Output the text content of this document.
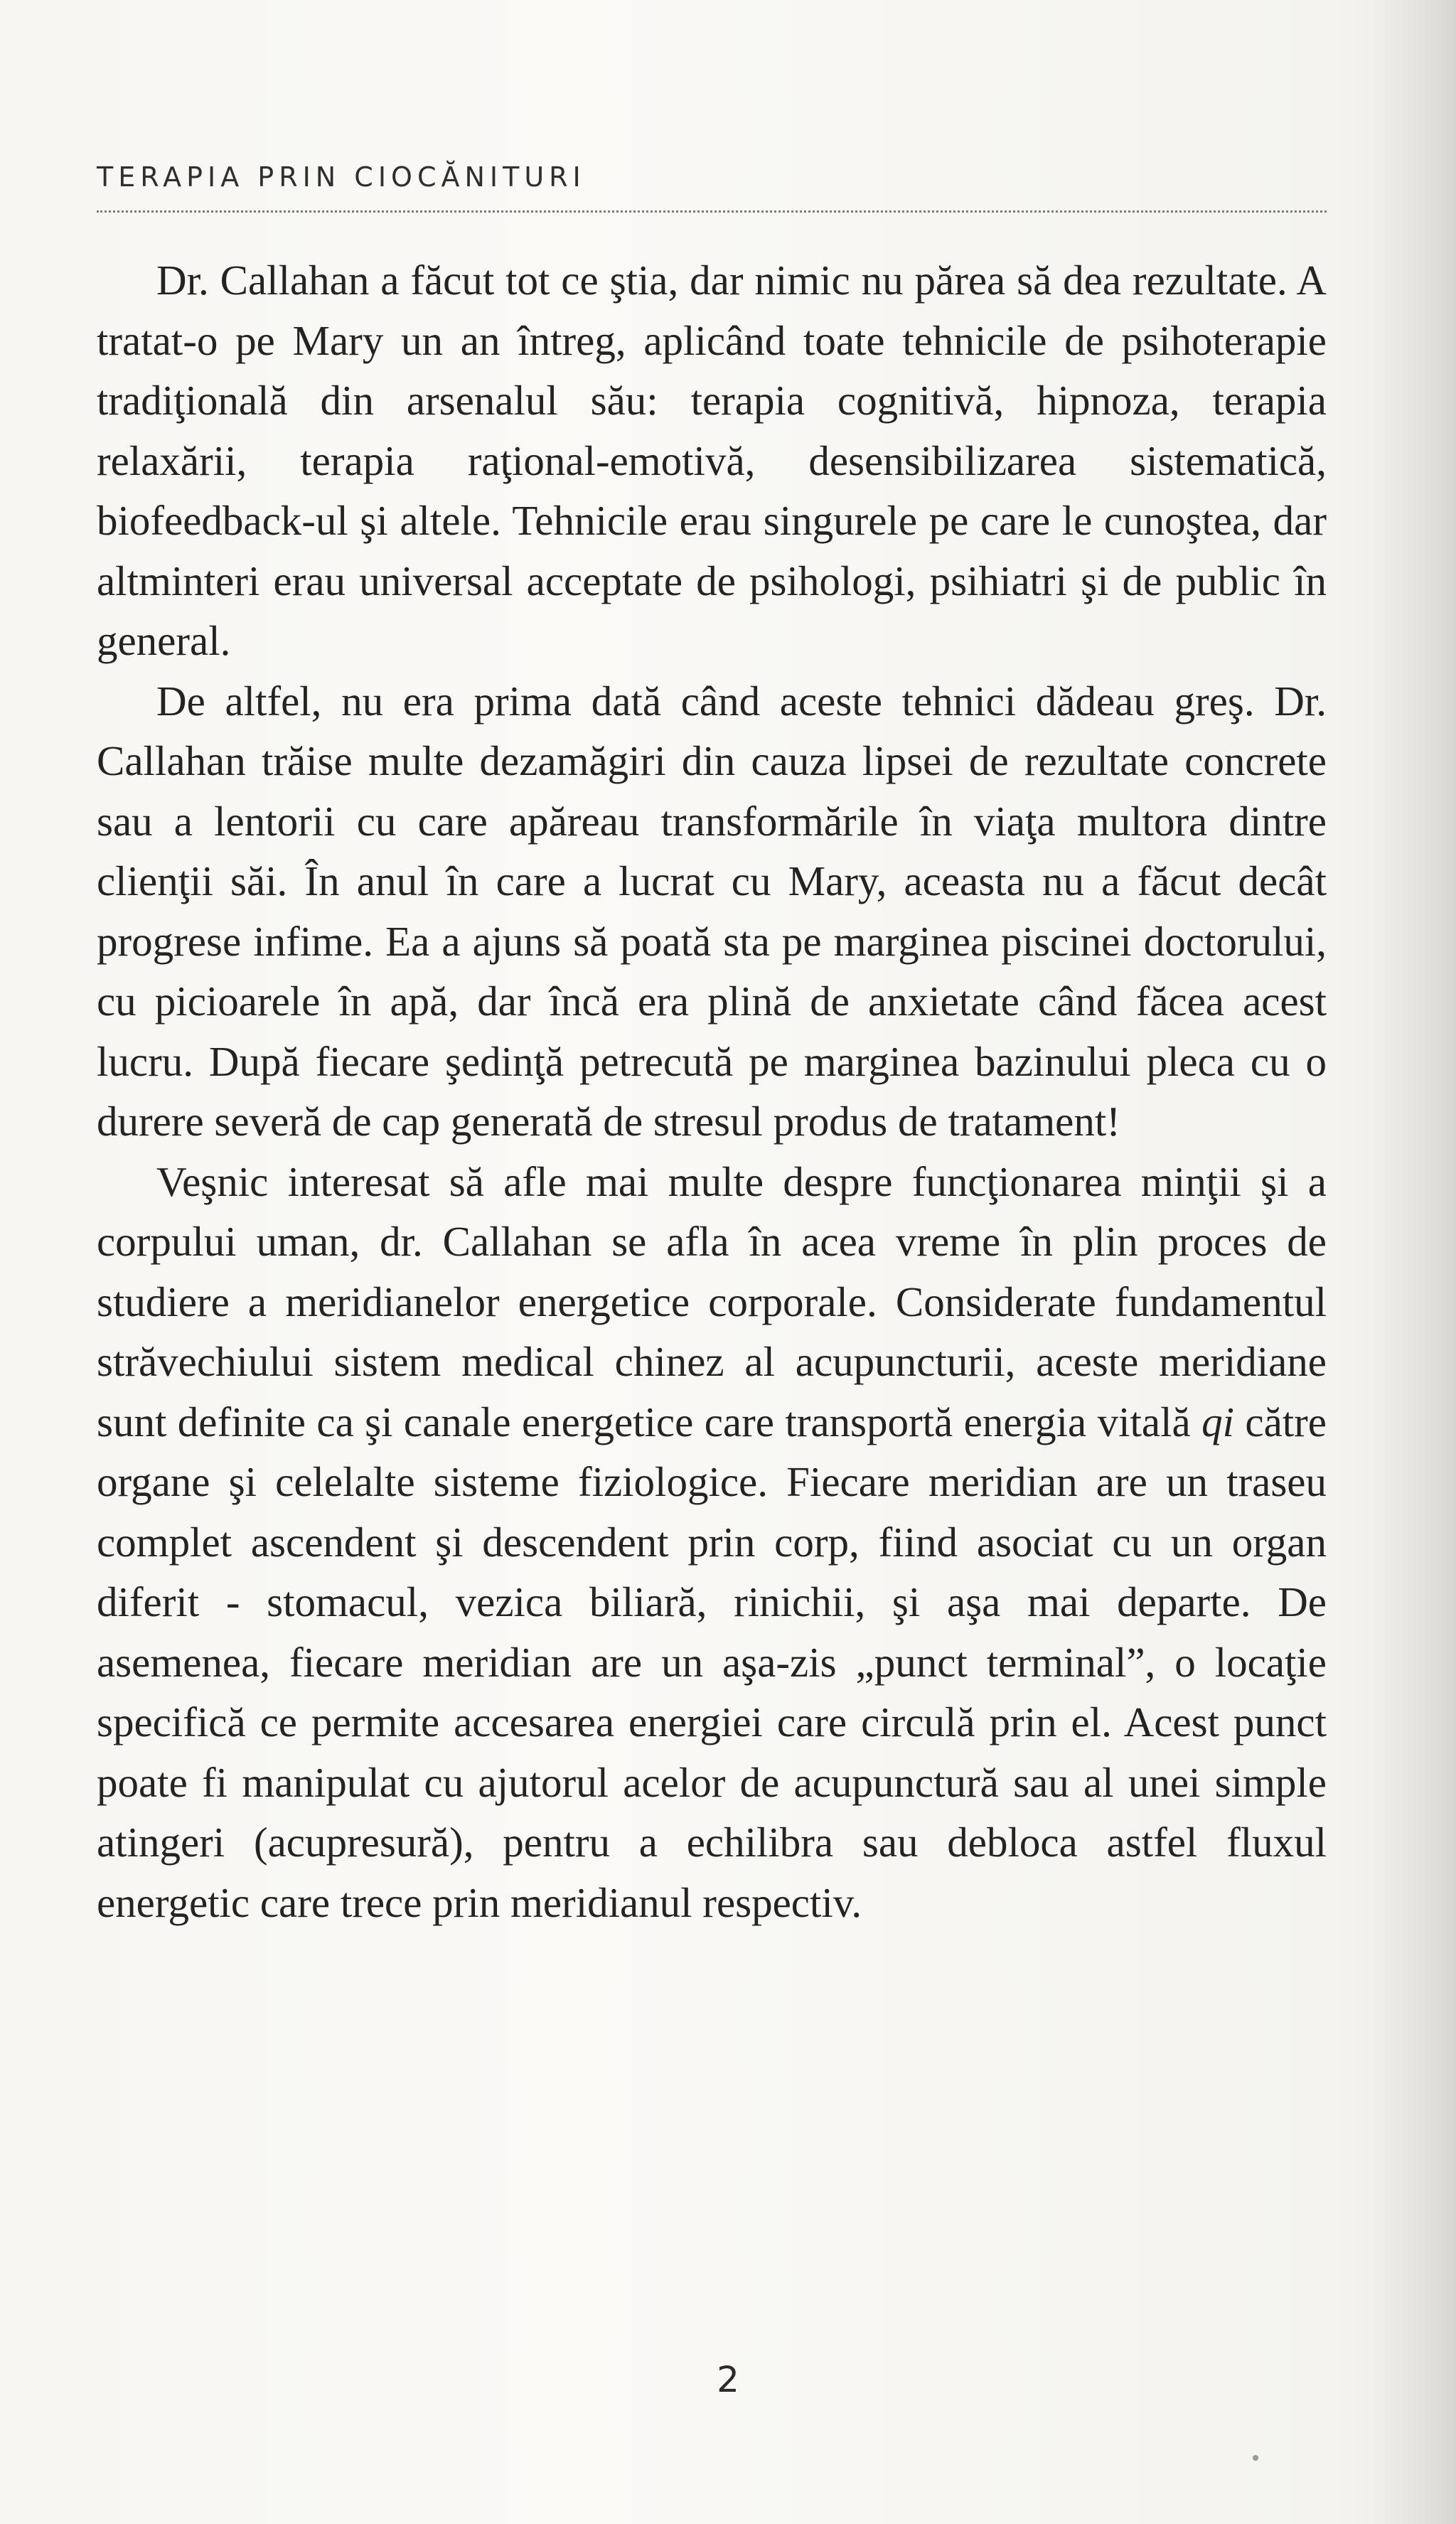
TERAPIA PRIN CIOCĂNITURI

Dr. Callahan a făcut tot ce ştia, dar nimic nu părea să dea rezultate. A tratat-o pe Mary un an întreg, aplicând toate tehnicile de psihoterapie tradiţională din arsenalul său: terapia cognitivă, hipnoza, terapia relaxării, terapia raţional-emotivă, desensibilizarea sistematică, biofeedback-ul şi altele. Tehnicile erau singurele pe care le cunoştea, dar altminteri erau universal acceptate de psihologi, psihiatri şi de public în general.

De altfel, nu era prima dată când aceste tehnici dădeau greş. Dr. Callahan trăise multe dezamăgiri din cauza lipsei de rezultate concrete sau a lentorii cu care apăreau transformările în viaţa multora dintre clienţii săi. În anul în care a lucrat cu Mary, aceasta nu a făcut decât progrese infime. Ea a ajuns să poată sta pe marginea piscinei doctorului, cu picioarele în apă, dar încă era plină de anxietate când făcea acest lucru. După fiecare şedinţă petrecută pe marginea bazinului pleca cu o durere severă de cap generată de stresul produs de tratament!

Veşnic interesat să afle mai multe despre funcţionarea minţii şi a corpului uman, dr. Callahan se afla în acea vreme în plin proces de studiere a meridianelor energetice corporale. Considerate fundamentul străvechiului sistem medical chinez al acupuncturii, aceste meridiane sunt definite ca şi canale energetice care transportă energia vitală qi către organe şi celelalte sisteme fiziologice. Fiecare meridian are un traseu complet ascendent şi descendent prin corp, fiind asociat cu un organ diferit - stomacul, vezica biliară, rinichii, şi aşa mai departe. De asemenea, fiecare meridian are un aşa-zis „punct terminal”, o locaţie specifică ce permite accesarea energiei care circulă prin el. Acest punct poate fi manipulat cu ajutorul acelor de acupunctură sau al unei simple atingeri (acupresură), pentru a echilibra sau debloca astfel fluxul energetic care trece prin meridianul respectiv.

2
